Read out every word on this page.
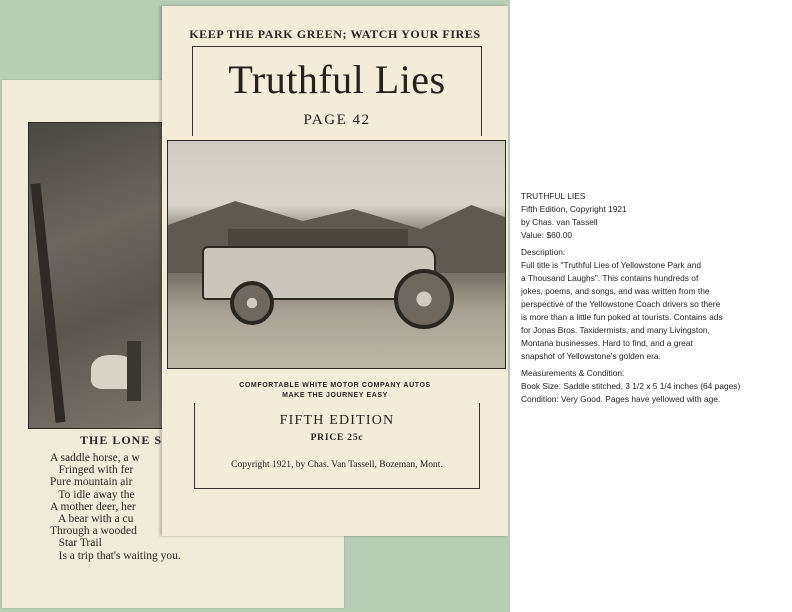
THE LONE S
A saddle horse, a w
Fringed with fer
Pure mountain air
To idle away the
A mother deer, her
A bear with a cu
Through a wooded
Star Trail
Is a trip that's waiting you.
KEEP THE PARK GREEN; WATCH YOUR FIRES
Truthful Lies
PAGE 42
COMFORTABLE WHITE MOTOR COMPANY AUTOS
MAKE THE JOURNEY EASY
FIFTH EDITION
PRICE 25c
Copyright 1921, by Chas. Van Tassell, Bozeman, Mont.

TRUTHFUL LIES

Fifth Edition, Copyright 1921

by Chas. van Tassell

Value: $60.00

Description:

Full title is "Truthful Lies of Yellowstone Park and

a Thousand Laughs". This contains hundreds of

jokes, poems, and songs, and was written from the

perspective of the Yellowstone Coach drivers so there

is more than a little fun poked at tourists. Contains ads

for Jonas Bros. Taxidermists, and many Livingston,

Montana businesses. Hard to find, and a great

snapshot of Yellowstone's golden era.

Measurements & Condition:

Book Size: Saddle stitched, 3 1/2 x 5 1/4 inches (64 pages)

Condition: Very Good. Pages have yellowed with age.
